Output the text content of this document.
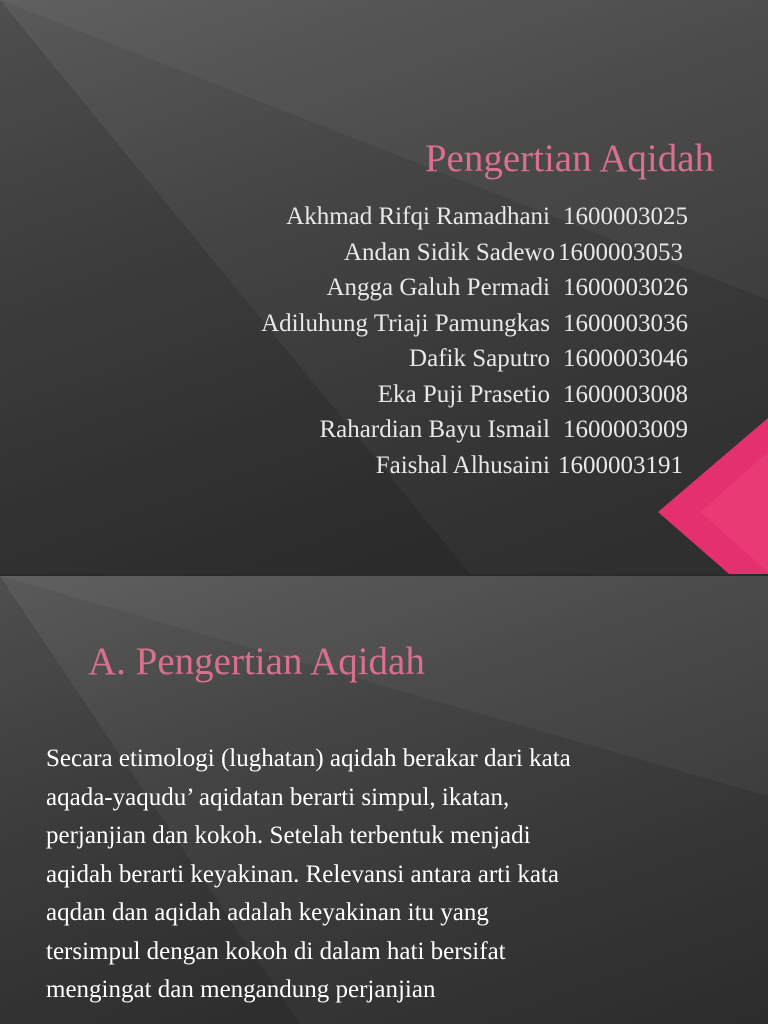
Pengertian Aqidah
Akhmad Rifqi Ramadhani 1600003025
Andan Sidik Sadewo 1600003053
Angga Galuh Permadi 1600003026
Adiluhung Triaji Pamungkas 1600003036
Dafik Saputro 1600003046
Eka Puji Prasetio 1600003008
Rahardian Bayu Ismail 1600003009
Faishal Alhusaini 1600003191
A. Pengertian Aqidah

Secara etimologi (lughatan) aqidah berakar dari kata

aqada-yaqudu’ aqidatan berarti simpul, ikatan,

perjanjian dan kokoh. Setelah terbentuk menjadi

aqidah berarti keyakinan. Relevansi antara arti kata

aqdan dan aqidah adalah keyakinan itu yang

tersimpul dengan kokoh di dalam hati bersifat

mengingat dan mengandung perjanjian
